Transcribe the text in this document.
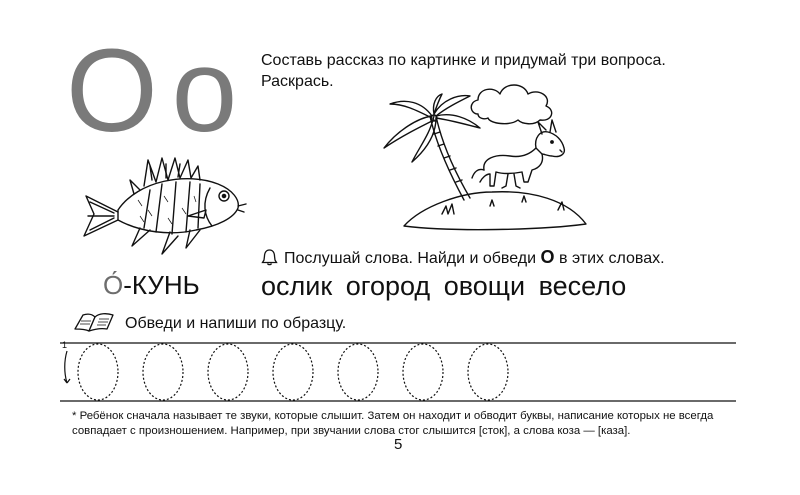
О  о Составь рассказ по картинке и придумай три вопроса. Раскрась.
Послушай слова. Найди и обведи О в этих словах.
ослик огород овощи весело
О́-КУНЬ
Обведи и напиши по образцу.
1
* Ребёнок сначала называет те звуки, которые слышит. Затем он находит и обводит буквы, написание которых не всегда совпадает с произношением. Например, при звучании слова стог слышится [сток], а слова коза — [каза].
5
